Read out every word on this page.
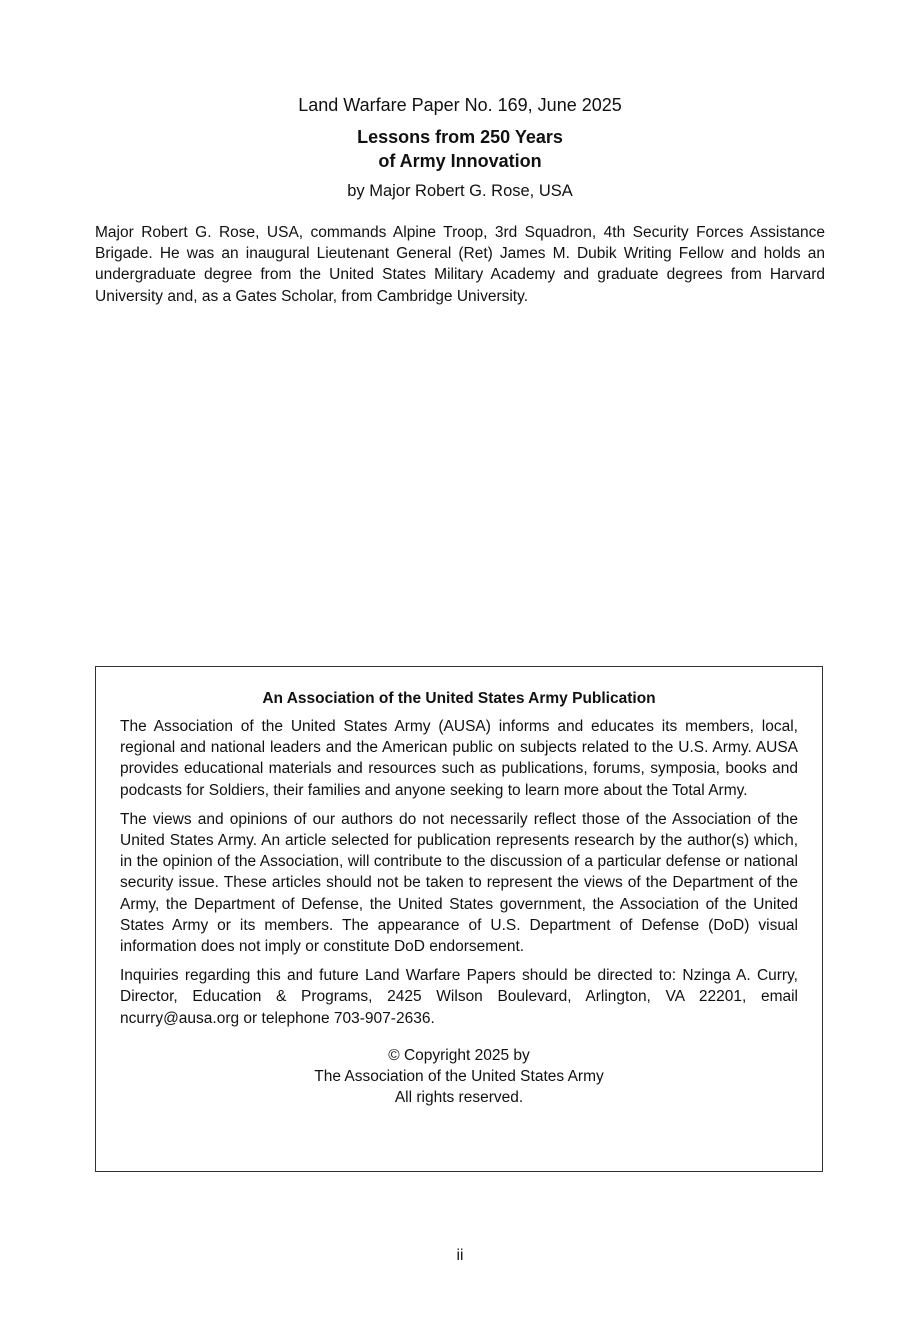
Land Warfare Paper No. 169, June 2025
Lessons from 250 Years
of Army Innovation
by Major Robert G. Rose, USA

Major Robert G. Rose, USA, commands Alpine Troop, 3rd Squadron, 4th Security Forces Assistance Brigade. He was an inaugural Lieutenant General (Ret) James M. Dubik Writing Fellow and holds an undergraduate degree from the United States Military Academy and graduate degrees from Harvard University and, as a Gates Scholar, from Cambridge University.

An Association of the United States Army Publication

The Association of the United States Army (AUSA) informs and educates its members, local, regional and national leaders and the American public on subjects related to the U.S. Army. AUSA provides educational materials and resources such as publications, forums, symposia, books and podcasts for Soldiers, their families and anyone seeking to learn more about the Total Army.

The views and opinions of our authors do not necessarily reflect those of the Association of the United States Army. An article selected for publication represents research by the author(s) which, in the opinion of the Association, will contribute to the discussion of a particular defense or national security issue. These articles should not be taken to represent the views of the Department of the Army, the Department of Defense, the United States government, the Association of the United States Army or its members. The appearance of U.S. Department of Defense (DoD) visual information does not imply or constitute DoD endorsement.

Inquiries regarding this and future Land Warfare Papers should be directed to: Nzinga A. Curry, Director, Education & Programs, 2425 Wilson Boulevard, Arlington, VA 22201, email ncurry@ausa.org or telephone 703-907-2636.

© Copyright 2025 by
The Association of the United States Army
All rights reserved.
ii
